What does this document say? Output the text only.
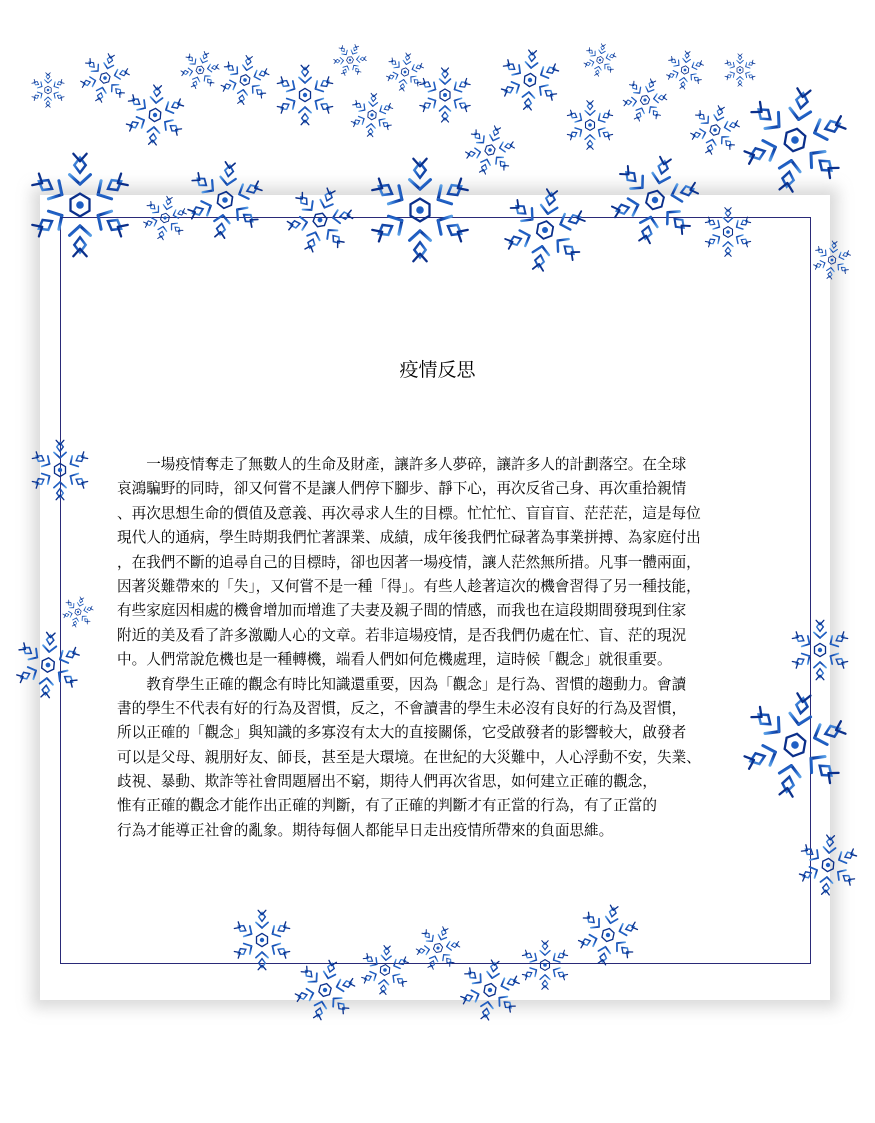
疫情反思
　　一場疫情奪走了無數人的生命及財產，讓許多人夢碎，讓許多人的計劃落空。在全球
哀鴻騙野的同時，卻又何嘗不是讓人們停下腳步、靜下心，再次反省己身、再次重拾親情
、再次思想生命的價值及意義、再次尋求人生的目標。忙忙忙、盲盲盲、茫茫茫，這是每位
現代人的通病，學生時期我們忙著課業、成績，成年後我們忙碌著為事業拼搏、為家庭付出
，在我們不斷的追尋自己的目標時，卻也因著一場疫情，讓人茫然無所措。凡事一體兩面，
因著災難帶來的「失」，又何嘗不是一種「得」。有些人趁著這次的機會習得了另一種技能，
有些家庭因相處的機會增加而增進了夫妻及親子間的情感，而我也在這段期間發現到住家
附近的美及看了許多激勵人心的文章。若非這場疫情，是否我們仍處在忙、盲、茫的現況
中。人們常說危機也是一種轉機，端看人們如何危機處理，這時候「觀念」就很重要。
　　教育學生正確的觀念有時比知識還重要，因為「觀念」是行為、習慣的趨動力。會讀
書的學生不代表有好的行為及習慣，反之，不會讀書的學生未必沒有良好的行為及習慣，
所以正確的「觀念」與知識的多寡沒有太大的直接關係，它受啟發者的影響較大，啟發者
可以是父母、親朋好友、師長，甚至是大環境。在世紀的大災難中，人心浮動不安，失業、
歧視、暴動、欺詐等社會問題層出不窮，期待人們再次省思，如何建立正確的觀念，
惟有正確的觀念才能作出正確的判斷，有了正確的判斷才有正當的行為，有了正當的
行為才能導正社會的亂象。期待每個人都能早日走出疫情所帶來的負面思維。
